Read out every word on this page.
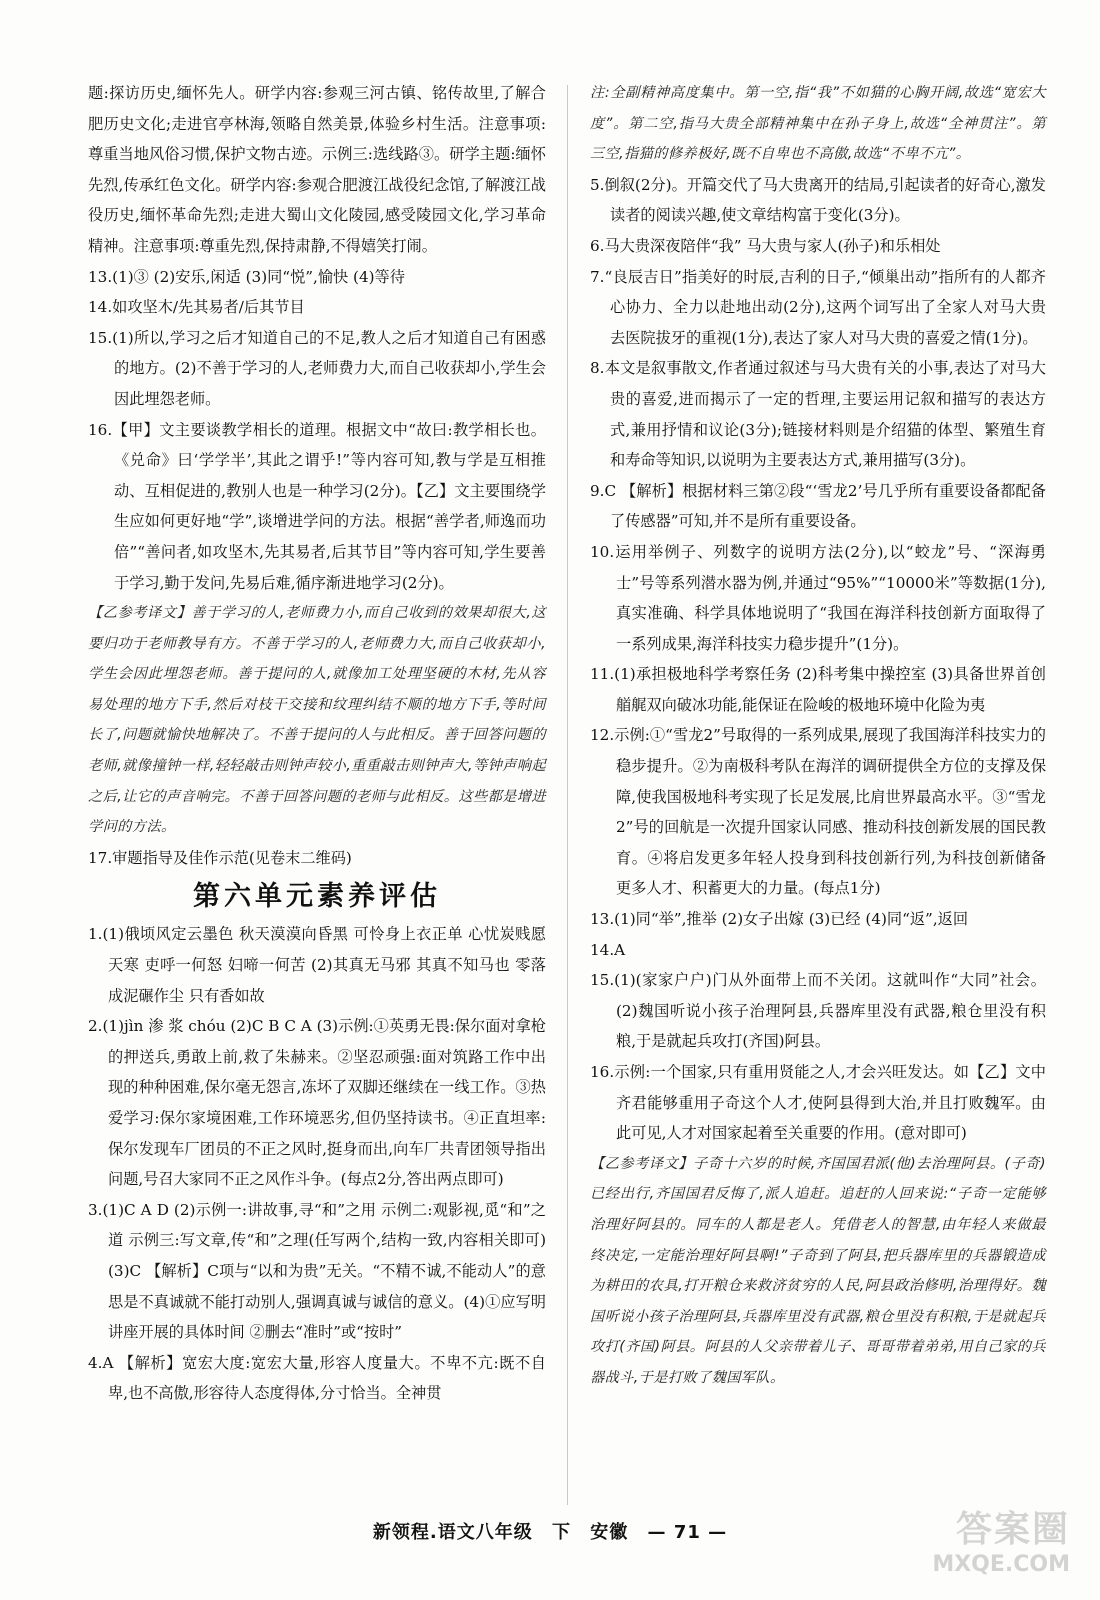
题:探访历史,缅怀先人。研学内容:参观三河古镇、铭传故里,了解合肥历史文化;走进官亭林海,领略自然美景,体验乡村生活。注意事项:尊重当地风俗习惯,保护文物古迹。示例三:选线路③。研学主题:缅怀先烈,传承红色文化。研学内容:参观合肥渡江战役纪念馆,了解渡江战役历史,缅怀革命先烈;走进大蜀山文化陵园,感受陵园文化,学习革命精神。注意事项:尊重先烈,保持肃静,不得嬉笑打闹。

13.(1)③ (2)安乐,闲适 (3)同“悦”,愉快 (4)等待

14.如攻坚木/先其易者/后其节目

15.(1)所以,学习之后才知道自己的不足,教人之后才知道自己有困惑的地方。(2)不善于学习的人,老师费力大,而自己收获却小,学生会因此埋怨老师。

16.【甲】文主要谈教学相长的道理。根据文中“故曰:教学相长也。《兑命》曰‘学学半’,其此之谓乎!”等内容可知,教与学是互相推动、互相促进的,教别人也是一种学习(2分)。【乙】文主要围绕学生应如何更好地“学”,谈增进学问的方法。根据“善学者,师逸而功倍”“善问者,如攻坚木,先其易者,后其节目”等内容可知,学生要善于学习,勤于发问,先易后难,循序渐进地学习(2分)。

【乙参考译文】善于学习的人,老师费力小,而自己收到的效果却很大,这要归功于老师教导有方。不善于学习的人,老师费力大,而自己收获却小,学生会因此埋怨老师。善于提问的人,就像加工处理坚硬的木材,先从容易处理的地方下手,然后对枝干交接和纹理纠结不顺的地方下手,等时间长了,问题就愉快地解决了。不善于提问的人与此相反。善于回答问题的老师,就像撞钟一样,轻轻敲击则钟声较小,重重敲击则钟声大,等钟声响起之后,让它的声音响完。不善于回答问题的老师与此相反。这些都是增进学问的方法。

17.审题指导及佳作示范(见卷末二维码)

第六单元素养评估

1.(1)俄顷风定云墨色 秋天漠漠向昏黑 可怜身上衣正单 心忧炭贱愿天寒 吏呼一何怒 妇啼一何苦 (2)其真无马邪 其真不知马也 零落成泥碾作尘 只有香如故

2.(1)jìn 渗 浆 chóu (2)C B C A (3)示例:①英勇无畏:保尔面对拿枪的押送兵,勇敢上前,救了朱赫来。②坚忍顽强:面对筑路工作中出现的种种困难,保尔毫无怨言,冻坏了双脚还继续在一线工作。③热爱学习:保尔家境困难,工作环境恶劣,但仍坚持读书。④正直坦率:保尔发现车厂团员的不正之风时,挺身而出,向车厂共青团领导指出问题,号召大家同不正之风作斗争。(每点2分,答出两点即可)

3.(1)C A D (2)示例一:讲故事,寻“和”之用 示例二:观影视,觅“和”之道 示例三:写文章,传“和”之理(任写两个,结构一致,内容相关即可) (3)C 【解析】C项与“以和为贵”无关。“不精不诚,不能动人”的意思是不真诚就不能打动别人,强调真诚与诚信的意义。(4)①应写明讲座开展的具体时间 ②删去“准时”或“按时”

4.A 【解析】宽宏大度:宽宏大量,形容人度量大。不卑不亢:既不自卑,也不高傲,形容待人态度得体,分寸恰当。全神贯

注:全副精神高度集中。第一空,指“我”不如猫的心胸开阔,故选“宽宏大度”。第二空,指马大贵全部精神集中在孙子身上,故选“全神贯注”。第三空,指猫的修养极好,既不自卑也不高傲,故选“不卑不亢”。

5.倒叙(2分)。开篇交代了马大贵离开的结局,引起读者的好奇心,激发读者的阅读兴趣,使文章结构富于变化(3分)。

6.马大贵深夜陪伴“我” 马大贵与家人(孙子)和乐相处

7.“良辰吉日”指美好的时辰,吉利的日子,“倾巢出动”指所有的人都齐心协力、全力以赴地出动(2分),这两个词写出了全家人对马大贵去医院拔牙的重视(1分),表达了家人对马大贵的喜爱之情(1分)。

8.本文是叙事散文,作者通过叙述与马大贵有关的小事,表达了对马大贵的喜爱,进而揭示了一定的哲理,主要运用记叙和描写的表达方式,兼用抒情和议论(3分);链接材料则是介绍猫的体型、繁殖生育和寿命等知识,以说明为主要表达方式,兼用描写(3分)。

9.C 【解析】根据材料三第②段“‘雪龙2’号几乎所有重要设备都配备了传感器”可知,并不是所有重要设备。

10.运用举例子、列数字的说明方法(2分),以“蛟龙”号、“深海勇士”号等系列潜水器为例,并通过“95%”“10000米”等数据(1分),真实准确、科学具体地说明了“我国在海洋科技创新方面取得了一系列成果,海洋科技实力稳步提升”(1分)。

11.(1)承担极地科学考察任务 (2)科考集中操控室 (3)具备世界首创艏艉双向破冰功能,能保证在险峻的极地环境中化险为夷

12.示例:①“雪龙2”号取得的一系列成果,展现了我国海洋科技实力的稳步提升。②为南极科考队在海洋的调研提供全方位的支撑及保障,使我国极地科考实现了长足发展,比肩世界最高水平。③“雪龙2”号的回航是一次提升国家认同感、推动科技创新发展的国民教育。④将启发更多年轻人投身到科技创新行列,为科技创新储备更多人才、积蓄更大的力量。(每点1分)

13.(1)同“举”,推举 (2)女子出嫁 (3)已经 (4)同“返”,返回

14.A

15.(1)(家家户户)门从外面带上而不关闭。这就叫作“大同”社会。(2)魏国听说小孩子治理阿县,兵器库里没有武器,粮仓里没有积粮,于是就起兵攻打(齐国)阿县。

16.示例:一个国家,只有重用贤能之人,才会兴旺发达。如【乙】文中齐君能够重用子奇这个人才,使阿县得到大治,并且打败魏军。由此可见,人才对国家起着至关重要的作用。(意对即可)

【乙参考译文】子奇十六岁的时候,齐国国君派(他)去治理阿县。(子奇)已经出行,齐国国君反悔了,派人追赶。追赶的人回来说:“子奇一定能够治理好阿县的。同车的人都是老人。凭借老人的智慧,由年轻人来做最终决定,一定能治理好阿县啊!”子奇到了阿县,把兵器库里的兵器锻造成为耕田的农具,打开粮仓来救济贫穷的人民,阿县政治修明,治理得好。魏国听说小孩子治理阿县,兵器库里没有武器,粮仓里没有积粮,于是就起兵攻打(齐国)阿县。阿县的人父亲带着儿子、哥哥带着弟弟,用自己家的兵器战斗,于是打败了魏国军队。

新领程.语文八年级 下 安徽 — 71 —	答案圈
MXQE.COM
